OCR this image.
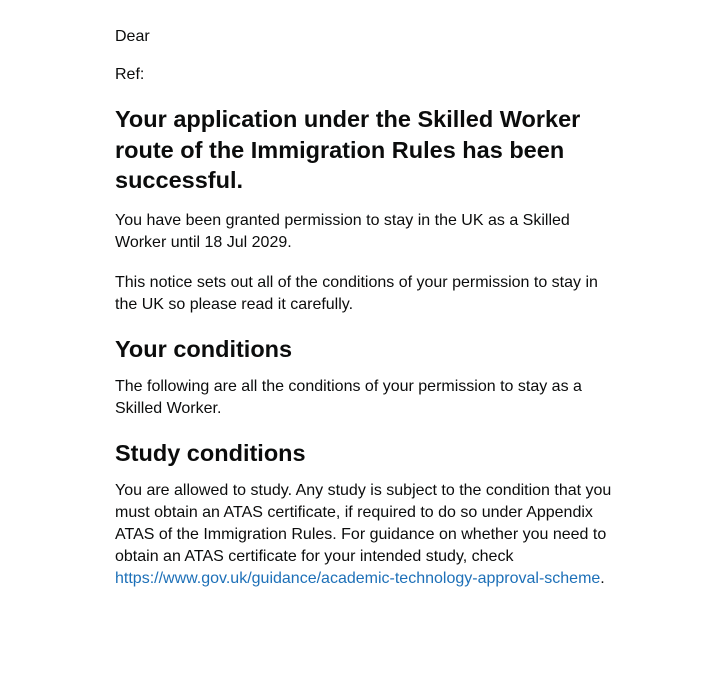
Dear

Ref:

Your application under the Skilled Worker route of the Immigration Rules has been successful.

You have been granted permission to stay in the UK as a Skilled Worker until 18 Jul 2029.

This notice sets out all of the conditions of your permission to stay in the UK so please read it carefully.

Your conditions

The following are all the conditions of your permission to stay as a Skilled Worker.

Study conditions

You are allowed to study. Any study is subject to the condition that you must obtain an ATAS certificate, if required to do so under Appendix ATAS of the Immigration Rules. For guidance on whether you need to obtain an ATAS certificate for your intended study, check https://www.gov.uk/guidance/academic-technology-approval-scheme.
